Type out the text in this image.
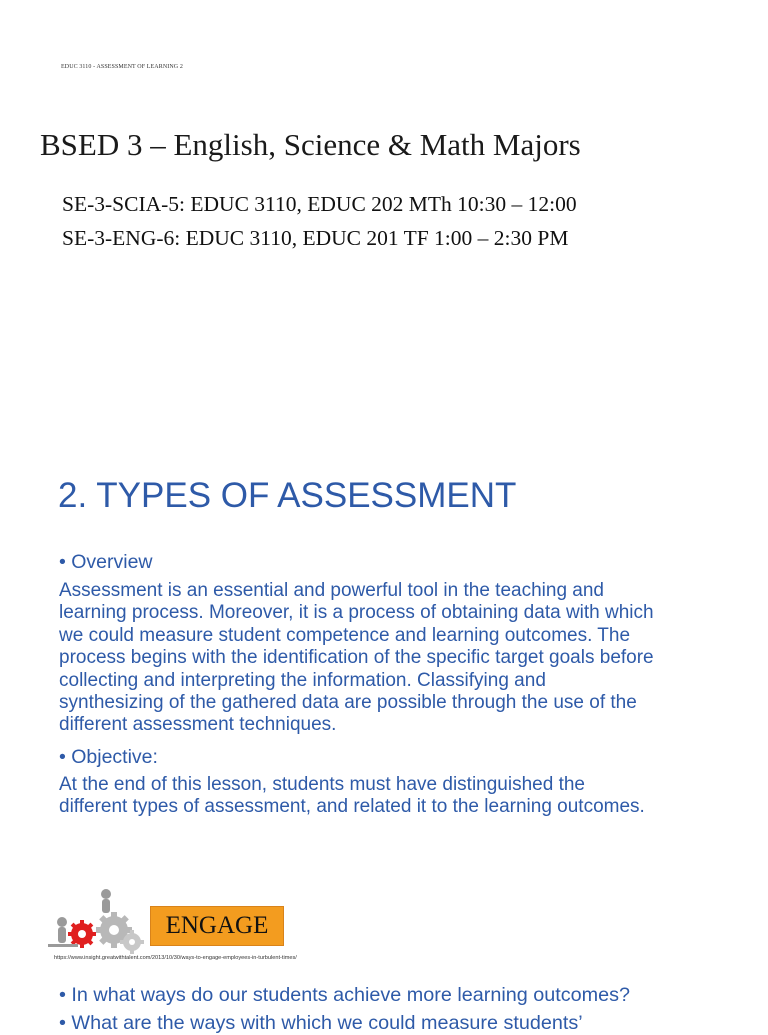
EDUC 3110 - ASSESSMENT OF LEARNING 2
BSED 3 – English, Science & Math Majors
SE-3-SCIA-5: EDUC 3110, EDUC 202 MTh 10:30 – 12:00
SE-3-ENG-6: EDUC 3110, EDUC 201 TF 1:00 – 2:30 PM
2. TYPES OF ASSESSMENT
• Overview
Assessment is an essential and powerful tool in the teaching and
learning process. Moreover, it is a process of obtaining data with which
we could measure student competence and learning outcomes. The
process begins with the identification of the specific target goals before
collecting and interpreting the information. Classifying and
synthesizing of the gathered data are possible through the use of the
different assessment techniques.
• Objective:
At the end of this lesson, students must have distinguished the
different types of assessment, and related it to the learning outcomes.
ENGAGE
https://www.insight.greatwithtalent.com/2013/10/30/ways-to-engage-employees-in-turbulent-times/
• In what ways do our students achieve more learning outcomes?
• What are the ways with which we could measure students’
